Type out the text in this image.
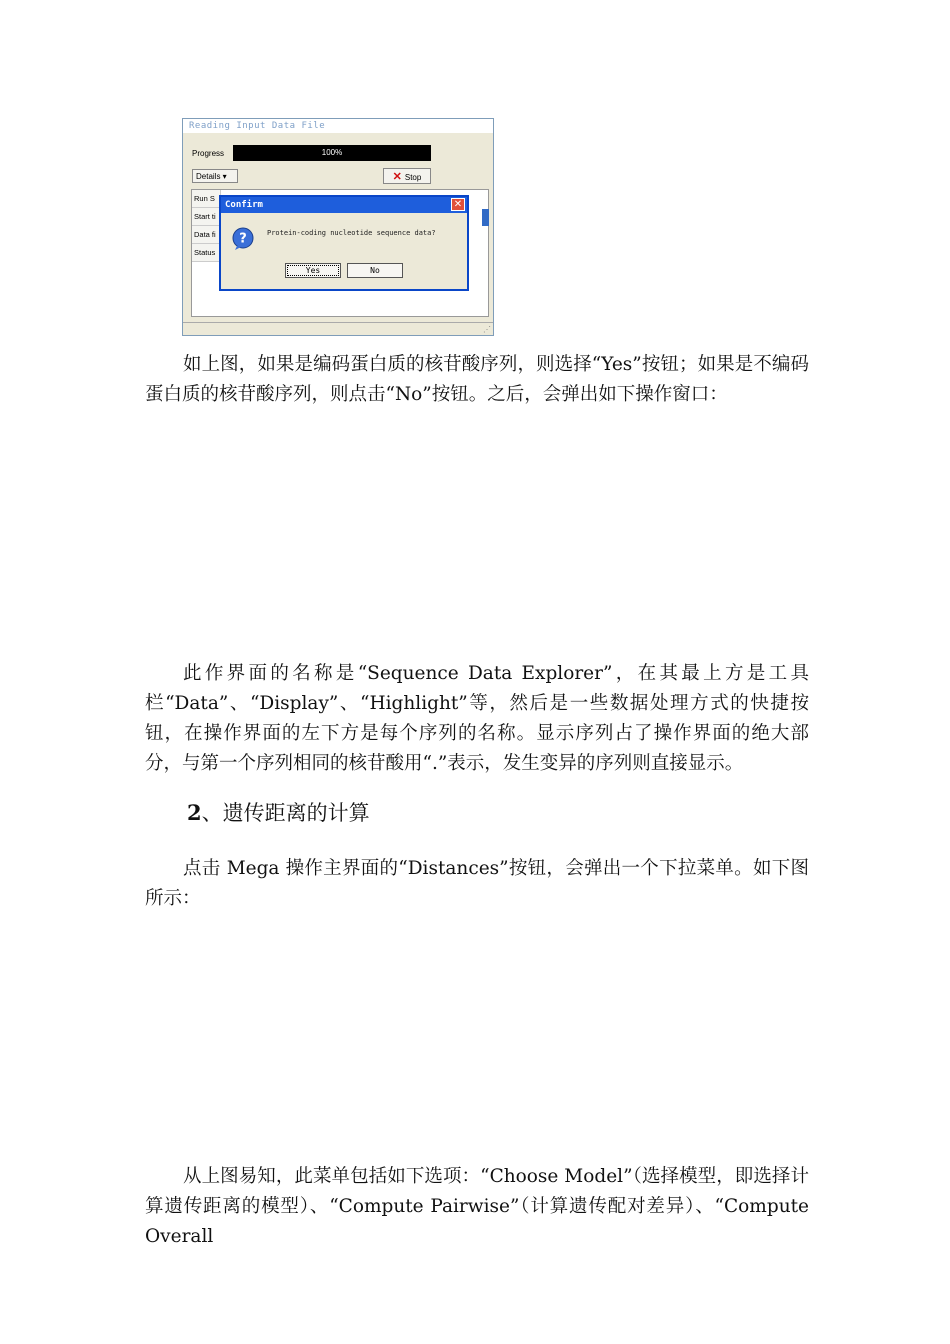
Reading Input Data File
Progress	100%
Details ▾	✕ Stop
Run S
Start ti
Data fi
Status
⋰
Confirm	✕
?	Protein-coding nucleotide sequence data?
Yes	No

如上图，如果是编码蛋白质的核苷酸序列，则选择“Yes”按钮；如果是不编码蛋白质的核苷酸序列，则点击“No”按钮。之后，会弹出如下操作窗口：

此作界面的名称是“Sequence Data Explorer”，在其最上方是工具栏“Data”、“Display”、“Highlight”等，然后是一些数据处理方式的快捷按钮，在操作界面的左下方是每个序列的名称。显示序列占了操作界面的绝大部分，与第一个序列相同的核苷酸用“.”表示，发生变异的序列则直接显示。

2、遗传距离的计算

点击 Mega 操作主界面的“Distances”按钮，会弹出一个下拉菜单。如下图所示：

从上图易知，此菜单包括如下选项：“Choose Model”（选择模型，即选择计算遗传距离的模型）、“Compute Pairwise”（计算遗传配对差异）、“Compute Overall
